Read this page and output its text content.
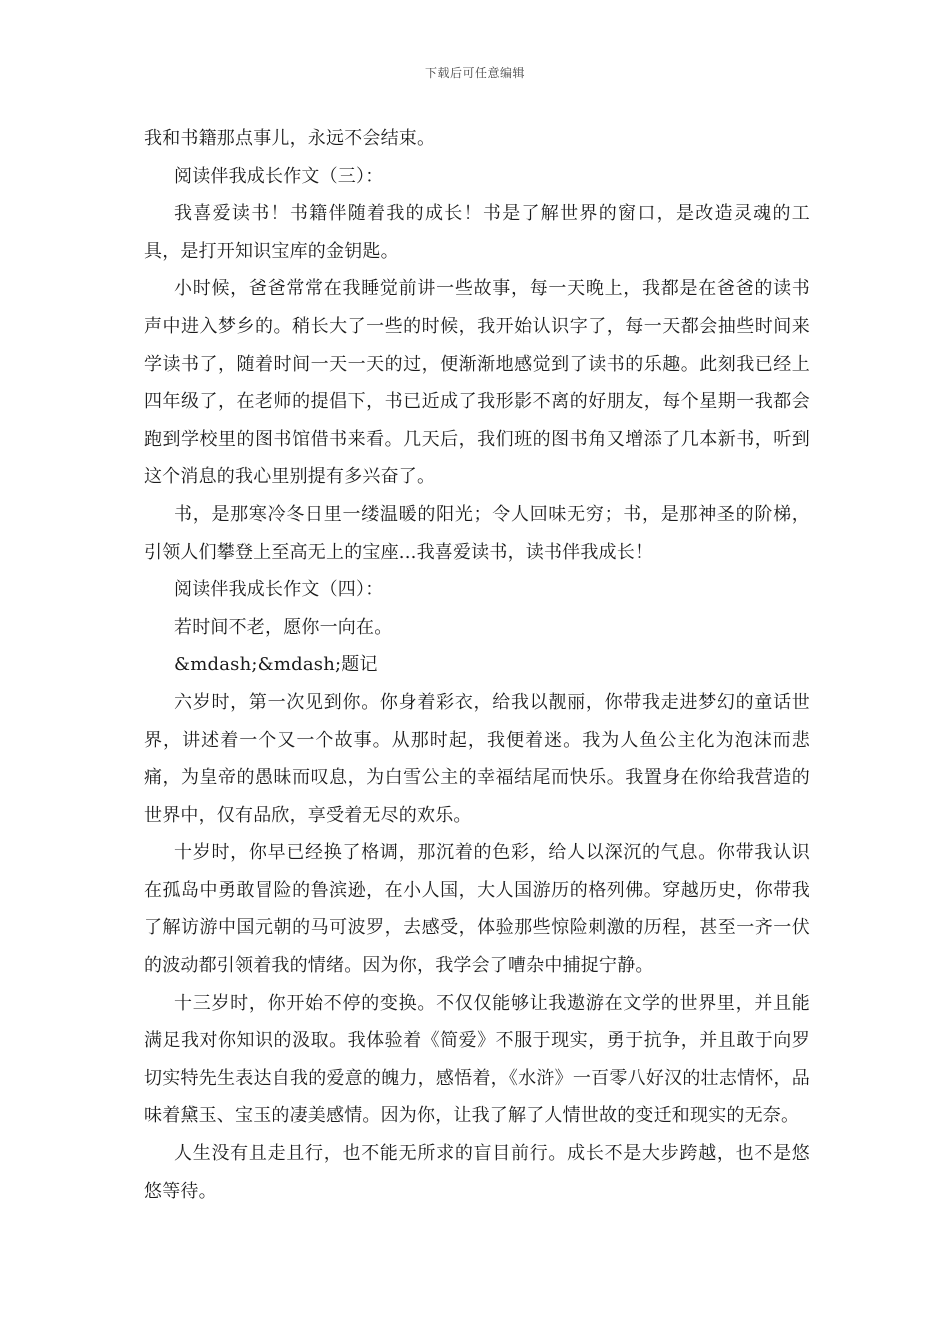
下载后可任意编辑

我和书籍那点事儿，永远不会结束。

阅读伴我成长作文（三）：

我喜爱读书！书籍伴随着我的成长！书是了解世界的窗口，是改造灵魂的工具，是打开知识宝库的金钥匙。

小时候，爸爸常常在我睡觉前讲一些故事，每一天晚上，我都是在爸爸的读书声中进入梦乡的。稍长大了一些的时候，我开始认识字了，每一天都会抽些时间来学读书了，随着时间一天一天的过，便渐渐地感觉到了读书的乐趣。此刻我已经上四年级了，在老师的提倡下，书已近成了我形影不离的好朋友，每个星期一我都会跑到学校里的图书馆借书来看。几天后，我们班的图书角又增添了几本新书，听到这个消息的我心里别提有多兴奋了。

书，是那寒冷冬日里一缕温暖的阳光；令人回味无穷；书，是那神圣的阶梯，引领人们攀登上至高无上的宝座...我喜爱读书，读书伴我成长！

阅读伴我成长作文（四）：

若时间不老，愿你一向在。

&mdash;&mdash;题记

六岁时，第一次见到你。你身着彩衣，给我以靓丽，你带我走进梦幻的童话世界，讲述着一个又一个故事。从那时起，我便着迷。我为人鱼公主化为泡沫而悲痛，为皇帝的愚昧而叹息，为白雪公主的幸福结尾而快乐。我置身在你给我营造的世界中，仅有品欣，享受着无尽的欢乐。

十岁时，你早已经换了格调，那沉着的色彩，给人以深沉的气息。你带我认识在孤岛中勇敢冒险的鲁滨逊，在小人国，大人国游历的格列佛。穿越历史，你带我了解访游中国元朝的马可波罗，去感受，体验那些惊险刺激的历程，甚至一齐一伏的波动都引领着我的情绪。因为你，我学会了嘈杂中捕捉宁静。

十三岁时，你开始不停的变换。不仅仅能够让我遨游在文学的世界里，并且能满足我对你知识的汲取。我体验着《简爱》不服于现实，勇于抗争，并且敢于向罗切实特先生表达自我的爱意的魄力，感悟着，《水浒》一百零八好汉的壮志情怀，品味着黛玉、宝玉的凄美感情。因为你，让我了解了人情世故的变迁和现实的无奈。

人生没有且走且行，也不能无所求的盲目前行。成长不是大步跨越，也不是悠悠等待。
